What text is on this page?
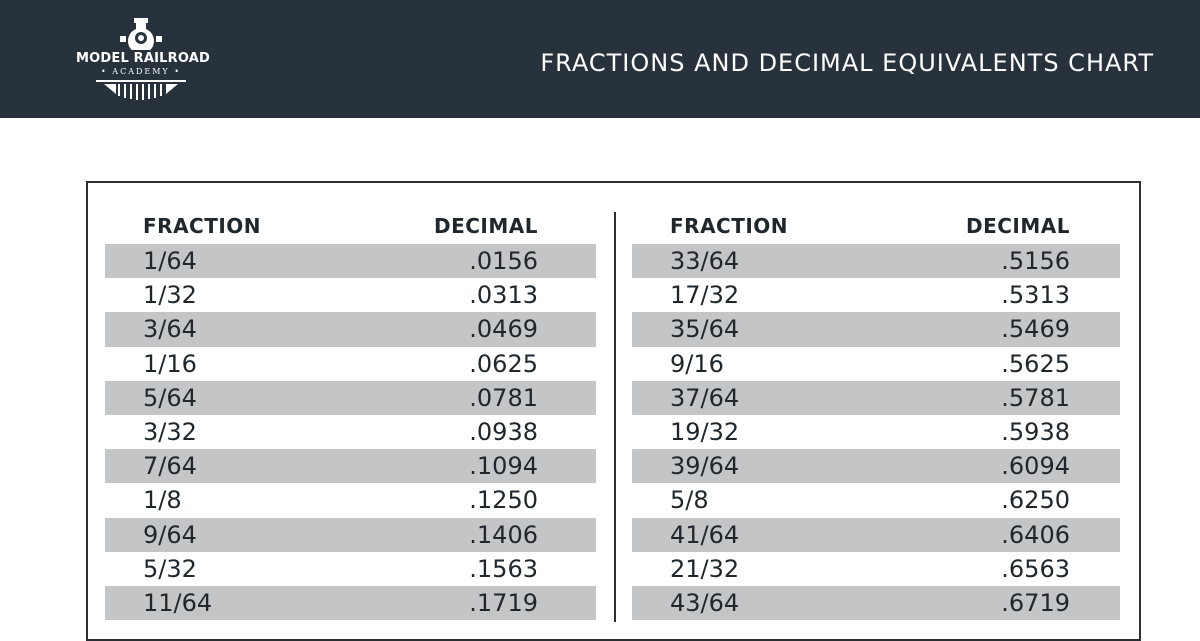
MODEL RAILROAD
• ACADEMY •	FRACTIONS AND DECIMAL EQUIVALENTS CHART
FRACTION	DECIMAL
1/64	.0156
1/32	.0313
3/64	.0469
1/16	.0625
5/64	.0781
3/32	.0938
7/64	.1094
1/8	.1250
9/64	.1406
5/32	.1563
11/64	.1719
FRACTION	DECIMAL
33/64	.5156
17/32	.5313
35/64	.5469
9/16	.5625
37/64	.5781
19/32	.5938
39/64	.6094
5/8	.6250
41/64	.6406
21/32	.6563
43/64	.6719
